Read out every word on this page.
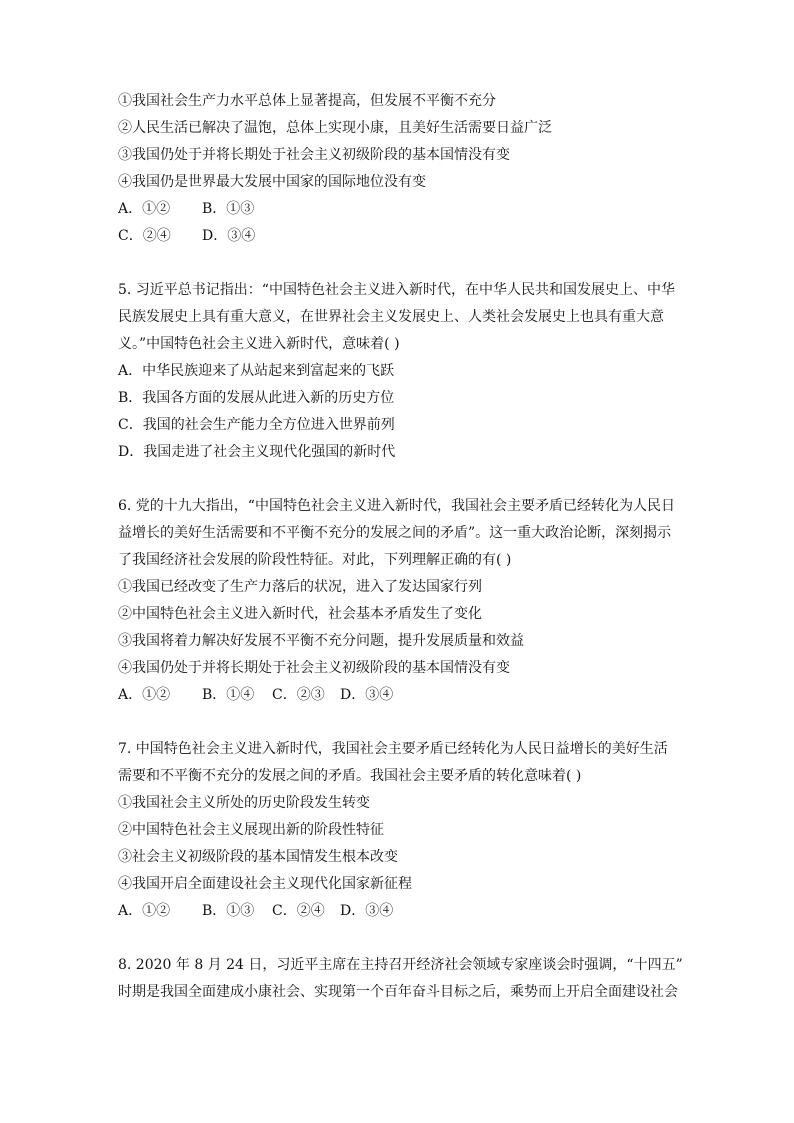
①我国社会生产力水平总体上显著提高，但发展不平衡不充分
②人民生活已解决了温饱，总体上实现小康，且美好生活需要日益广泛
③我国仍处于并将长期处于社会主义初级阶段的基本国情没有变
④我国仍是世界最大发展中国家的国际地位没有变
A．①②	B．①③
C．②④	D．③④
5. 习近平总书记指出：“中国特色社会主义进入新时代，在中华人民共和国发展史上、中华
民族发展史上具有重大意义，在世界社会主义发展史上、人类社会发展史上也具有重大意
义。”中国特色社会主义进入新时代，意味着( )
A．中华民族迎来了从站起来到富起来的飞跃
B．我国各方面的发展从此进入新的历史方位
C．我国的社会生产能力全方位进入世界前列
D．我国走进了社会主义现代化强国的新时代
6. 党的十九大指出，“中国特色社会主义进入新时代，我国社会主要矛盾已经转化为人民日
益增长的美好生活需要和不平衡不充分的发展之间的矛盾”。这一重大政治论断，深刻揭示
了我国经济社会发展的阶段性特征。对此，下列理解正确的有( )
①我国已经改变了生产力落后的状况，进入了发达国家行列
②中国特色社会主义进入新时代，社会基本矛盾发生了变化
③我国将着力解决好发展不平衡不充分问题，提升发展质量和效益
④我国仍处于并将长期处于社会主义初级阶段的基本国情没有变
A．①②	B．①④	C．②③	D．③④
7. 中国特色社会主义进入新时代，我国社会主要矛盾已经转化为人民日益增长的美好生活
需要和不平衡不充分的发展之间的矛盾。我国社会主要矛盾的转化意味着( )
①我国社会主义所处的历史阶段发生转变
②中国特色社会主义展现出新的阶段性特征
③社会主义初级阶段的基本国情发生根本改变
④我国开启全面建设社会主义现代化国家新征程
A．①②	B．①③	C．②④	D．③④
8. 2020 年 8 月 24 日，习近平主席在主持召开经济社会领域专家座谈会时强调，“十四五”
时期是我国全面建成小康社会、实现第一个百年奋斗目标之后，乘势而上开启全面建设社会
